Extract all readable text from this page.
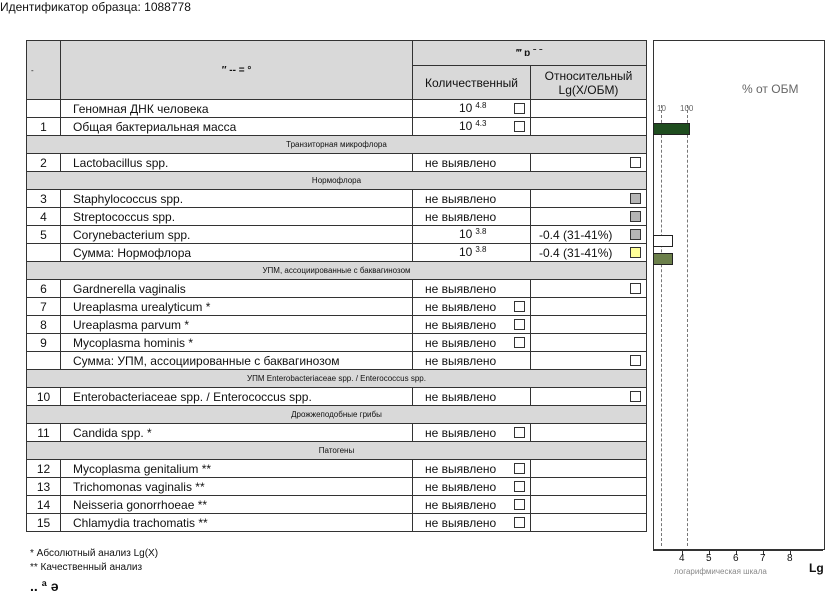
Идентификатор образца: 1088778
-	″ -- = °	‴ ɒ ˉ ˉ	
		Количественный	Относительный
Lg(X/ОБМ)
	Геномная ДНК человека	10 $^{4.8}$

1	Общая бактериальная масса	10 $^{4.3}$

Транзиторная микрофлора			
2	Lactobacillus spp.	не выявлено	

Нормофлора			
3	Staphylococcus spp.	не выявлено	

4	Streptococcus spp.	не выявлено	

5	Corynebacterium spp.	10 $^{3.8}$	-0.4 (31-41%)

	Сумма: Нормофлора	10 $^{3.8}$	-0.4 (31-41%)

УПМ, ассоциированные с баквагинозом			
6	Gardnerella vaginalis	не выявлено	

7	Ureaplasma urealyticum *	не выявлено

8	Ureaplasma parvum *	не выявлено

9	Mycoplasma hominis *	не выявлено

	Сумма: УПМ, ассоциированные с баквагинозом	не выявлено	

УПМ Enterobacteriaceae spp. / Enterococcus spp.			
10	Enterobacteriaceae spp. / Enterococcus spp.	не выявлено	

Дрожжеподобные грибы			
11	Candida spp. *	не выявлено

Патогены			
12	Mycoplasma genitalium **	не выявлено

13	Trichomonas vaginalis **	не выявлено

14	Neisseria gonorrhoeae **	не выявлено

15	Chlamydia trachomatis **	не выявлено

% от ОБМ
10 100
4 5 6 7 8
логарифмическая шкала	Lg
* Абсолютный анализ Lg(X)
** Качественный анализ
.. ª ə
